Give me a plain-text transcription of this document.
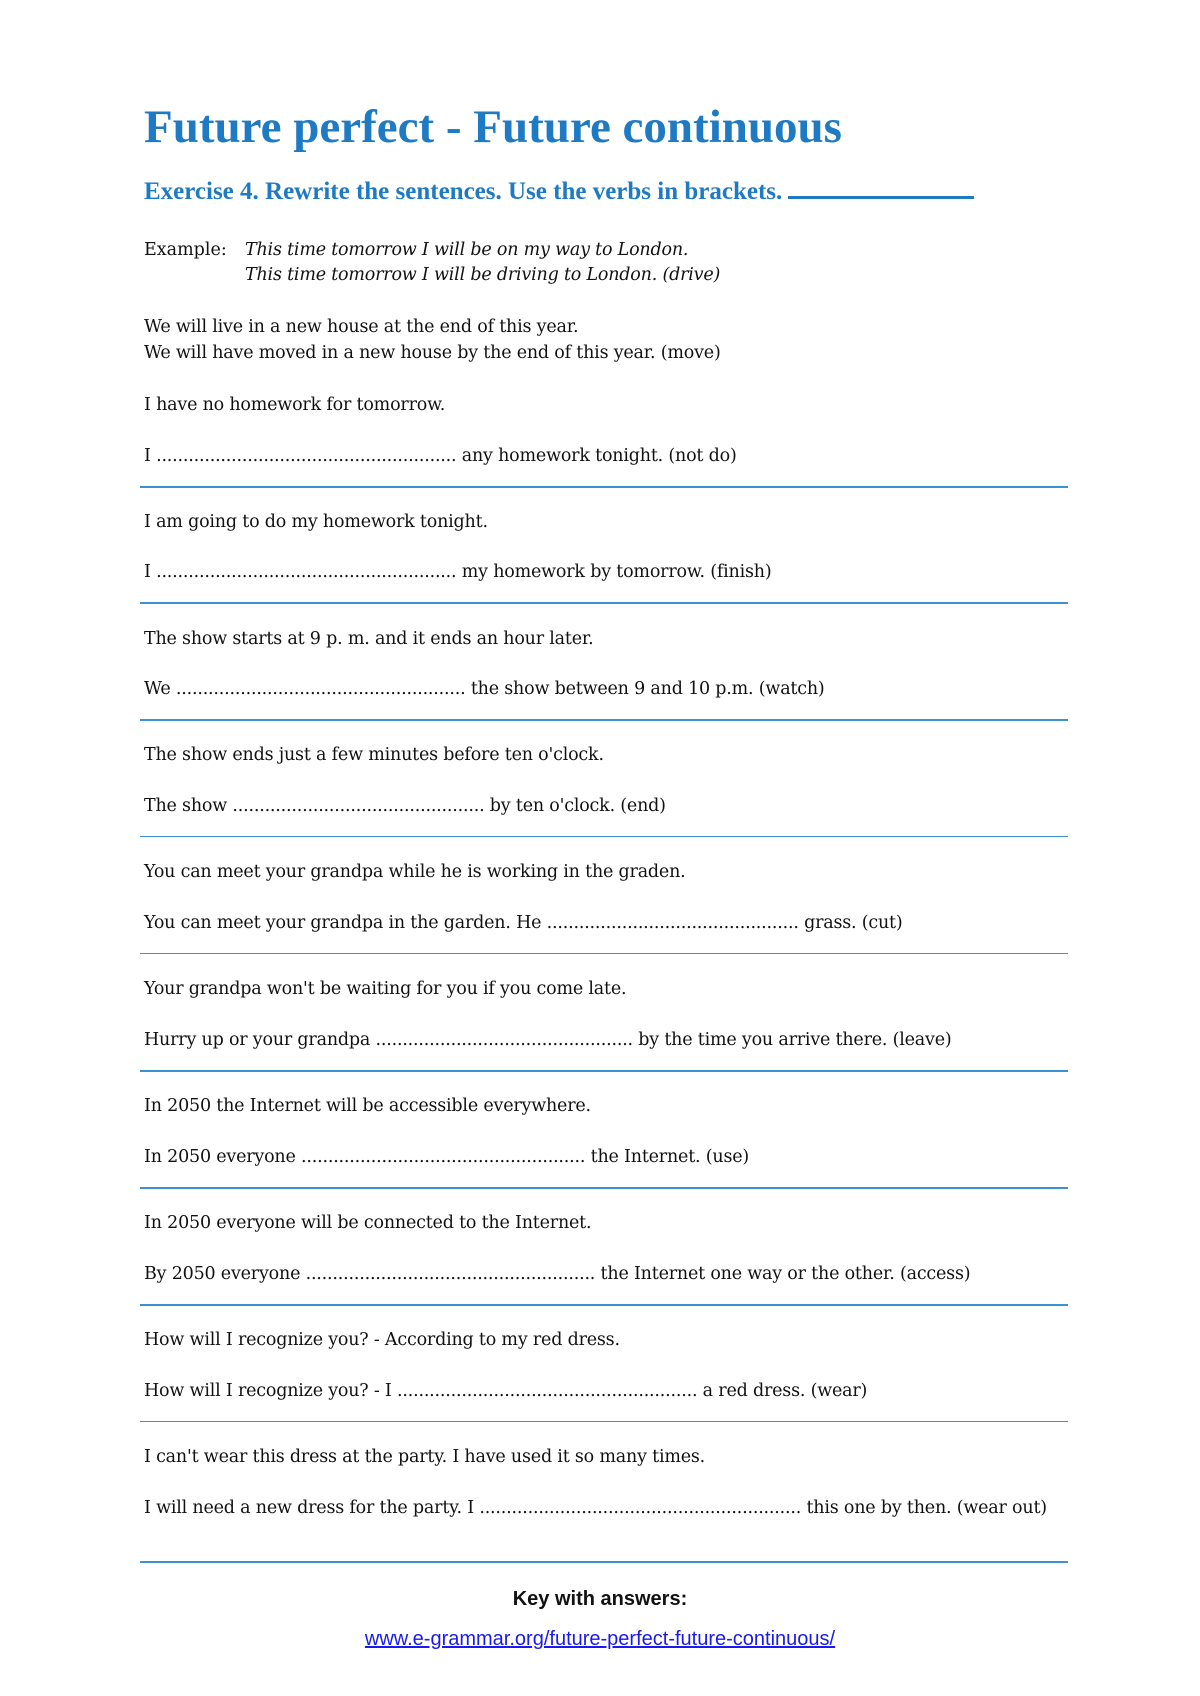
Future perfect - Future continuous
Exercise 4. Rewrite the sentences. Use the verbs in brackets.
Example: This time tomorrow I will be on my way to London.
This time tomorrow I will be driving to London. (drive)
We will live in a new house at the end of this year.
We will have moved in a new house by the end of this year. (move)
I have no homework for tomorrow.
I ........................................................ any homework tonight. (not do)
I am going to do my homework tonight.
I ........................................................ my homework by tomorrow. (finish)
The show starts at 9 p. m. and it ends an hour later.
We ...................................................... the show between 9 and 10 p.m. (watch)
The show ends just a few minutes before ten o'clock.
The show ............................................... by ten o'clock. (end)
You can meet your grandpa while he is working in the graden.
You can meet your grandpa in the garden. He ............................................... grass. (cut)
Your grandpa won't be waiting for you if you come late.
Hurry up or your grandpa ................................................ by the time you arrive there. (leave)
In 2050 the Internet will be accessible everywhere.
In 2050 everyone ..................................................... the Internet. (use)
In 2050 everyone will be connected to the Internet.
By 2050 everyone ...................................................... the Internet one way or the other. (access)
How will I recognize you? - According to my red dress.
How will I recognize you? - I ........................................................ a red dress. (wear)
I can't wear this dress at the party. I have used it so many times.
I will need a new dress for the party. I ............................................................ this one by then. (wear out)
Key with answers:
www.e-grammar.org/future-perfect-future-continuous/
